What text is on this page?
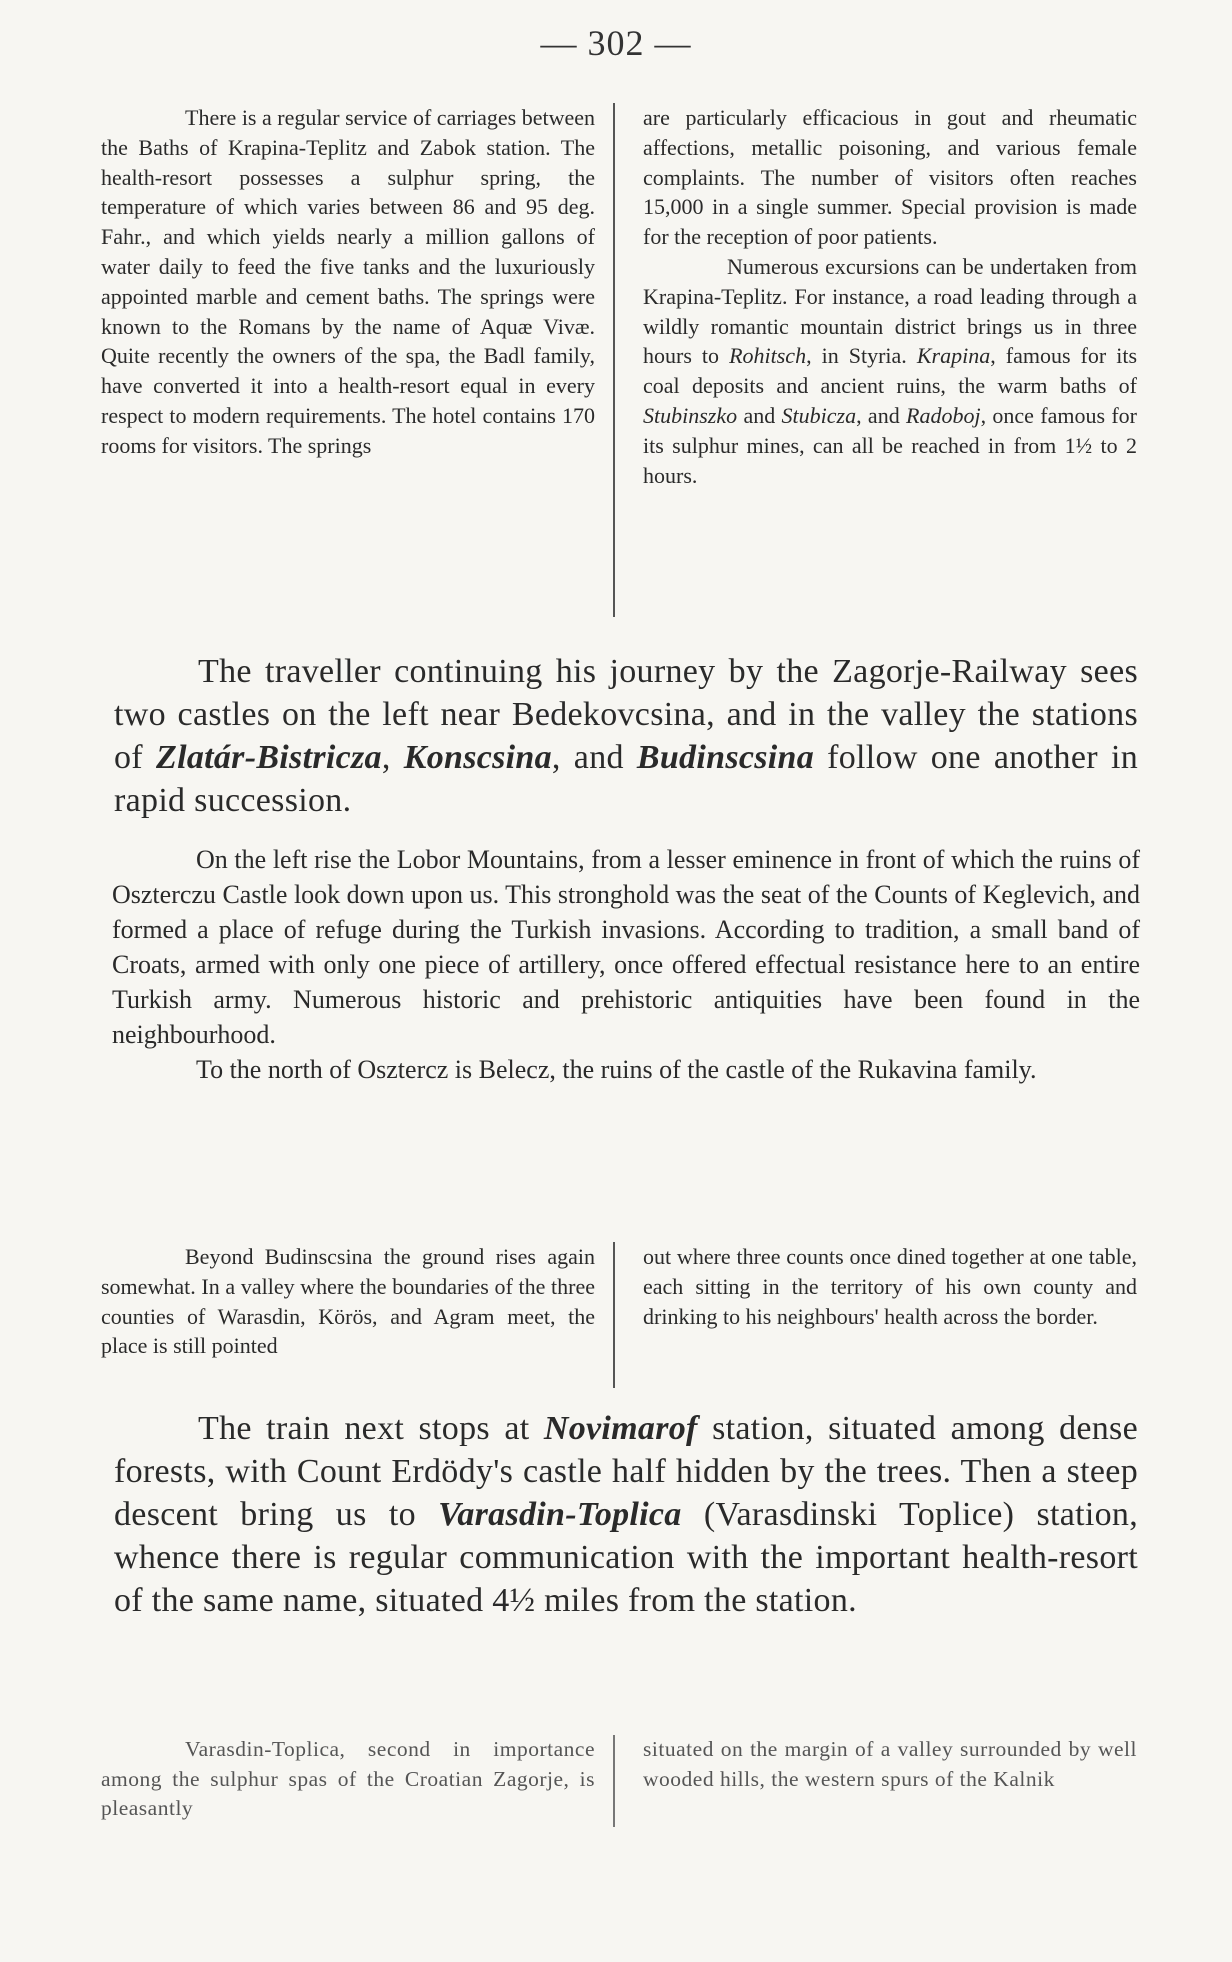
— 302 —

There is a regular service of carriages between the Baths of Krapina-Teplitz and Zabok station. The health-resort possesses a sulphur spring, the temperature of which varies between 86 and 95 deg. Fahr., and which yields nearly a million gallons of water daily to feed the five tanks and the luxuriously appointed marble and cement baths. The springs were known to the Romans by the name of Aquæ Vivæ. Quite recently the owners of the spa, the Badl family, have converted it into a health-resort equal in every respect to modern requirements. The hotel contains 170 rooms for visitors. The springs

are particularly efficacious in gout and rheumatic affections, metallic poisoning, and various female complaints. The number of visitors often reaches 15,000 in a single summer. Special provision is made for the reception of poor patients.

Numerous excursions can be undertaken from Krapina-Teplitz. For instance, a road leading through a wildly romantic mountain district brings us in three hours to Rohitsch, in Styria. Krapina, famous for its coal deposits and ancient ruins, the warm baths of Stubinszko and Stubicza, and Radoboj, once famous for its sulphur mines, can all be reached in from 1½ to 2 hours.

The traveller continuing his journey by the Zagorje-Railway sees two castles on the left near Bedekovcsina, and in the valley the stations of Zlatár-Bistricza, Konscsina, and Budinscsina follow one another in rapid succession.

On the left rise the Lobor Mountains, from a lesser eminence in front of which the ruins of Oszterczu Castle look down upon us. This stronghold was the seat of the Counts of Keglevich, and formed a place of refuge during the Turkish invasions. According to tradition, a small band of Croats, armed with only one piece of artillery, once offered effectual resistance here to an entire Turkish army. Numerous historic and prehistoric antiquities have been found in the neighbourhood.

To the north of Osztercz is Belecz, the ruins of the castle of the Rukavina family.

Beyond Budinscsina the ground rises again somewhat. In a valley where the boundaries of the three counties of Warasdin, Körös, and Agram meet, the place is still pointed

out where three counts once dined together at one table, each sitting in the territory of his own county and drinking to his neighbours' health across the border.

The train next stops at Novimarof station, situated among dense forests, with Count Erdödy's castle half hidden by the trees. Then a steep descent bring us to Varasdin-Toplica (Varasdinski Toplice) station, whence there is regular communication with the important health-resort of the same name, situated 4½ miles from the station.

Varasdin-Toplica, second in importance among the sulphur spas of the Croatian Zagorje, is pleasantly

situated on the margin of a valley surrounded by well wooded hills, the western spurs of the Kalnik
